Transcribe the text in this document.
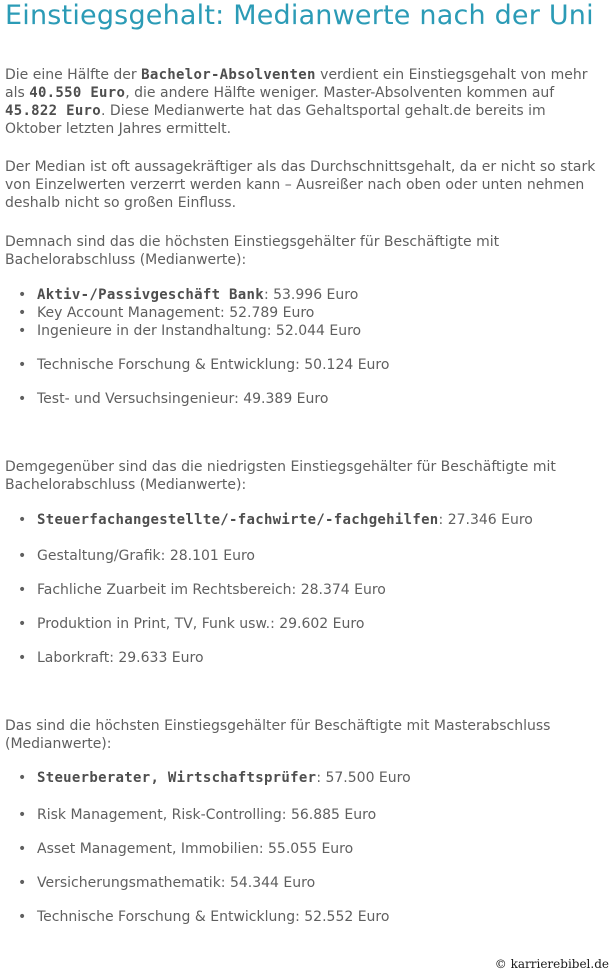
Einstiegsgehalt: Medianwerte nach der Uni

Die eine Hälfte der Bachelor-Absolventen verdient ein Einstiegsgehalt von mehr als 40.550 Euro, die andere Hälfte weniger. Master-Absolventen kommen auf 45.822 Euro. Diese Medianwerte hat das Gehaltsportal gehalt.de bereits im Oktober letzten Jahres ermittelt.

Der Median ist oft aussagekräftiger als das Durchschnittsgehalt, da er nicht so stark von Einzelwerten verzerrt werden kann – Ausreißer nach oben oder unten nehmen deshalb nicht so großen Einfluss.

Demnach sind das die höchsten Einstiegsgehälter für Beschäftigte mit Bachelorabschluss (Medianwerte):

• Aktiv-/Passivgeschäft Bank: 53.996 Euro
• Key Account Management: 52.789 Euro
• Ingenieure in der Instandhaltung: 52.044 Euro
• Technische Forschung & Entwicklung: 50.124 Euro
• Test- und Versuchsingenieur: 49.389 Euro

Demgegenüber sind das die niedrigsten Einstiegsgehälter für Beschäftigte mit Bachelorabschluss (Medianwerte):

• Steuerfachangestellte/-fachwirte/-fachgehilfen: 27.346 Euro
• Gestaltung/Grafik: 28.101 Euro
• Fachliche Zuarbeit im Rechtsbereich: 28.374 Euro
• Produktion in Print, TV, Funk usw.: 29.602 Euro
• Laborkraft: 29.633 Euro

Das sind die höchsten Einstiegsgehälter für Beschäftigte mit Masterabschluss (Medianwerte):

• Steuerberater, Wirtschaftsprüfer: 57.500 Euro
• Risk Management, Risk-Controlling: 56.885 Euro
• Asset Management, Immobilien: 55.055 Euro
• Versicherungsmathematik: 54.344 Euro
• Technische Forschung & Entwicklung: 52.552 Euro
© karrierebibel.de
